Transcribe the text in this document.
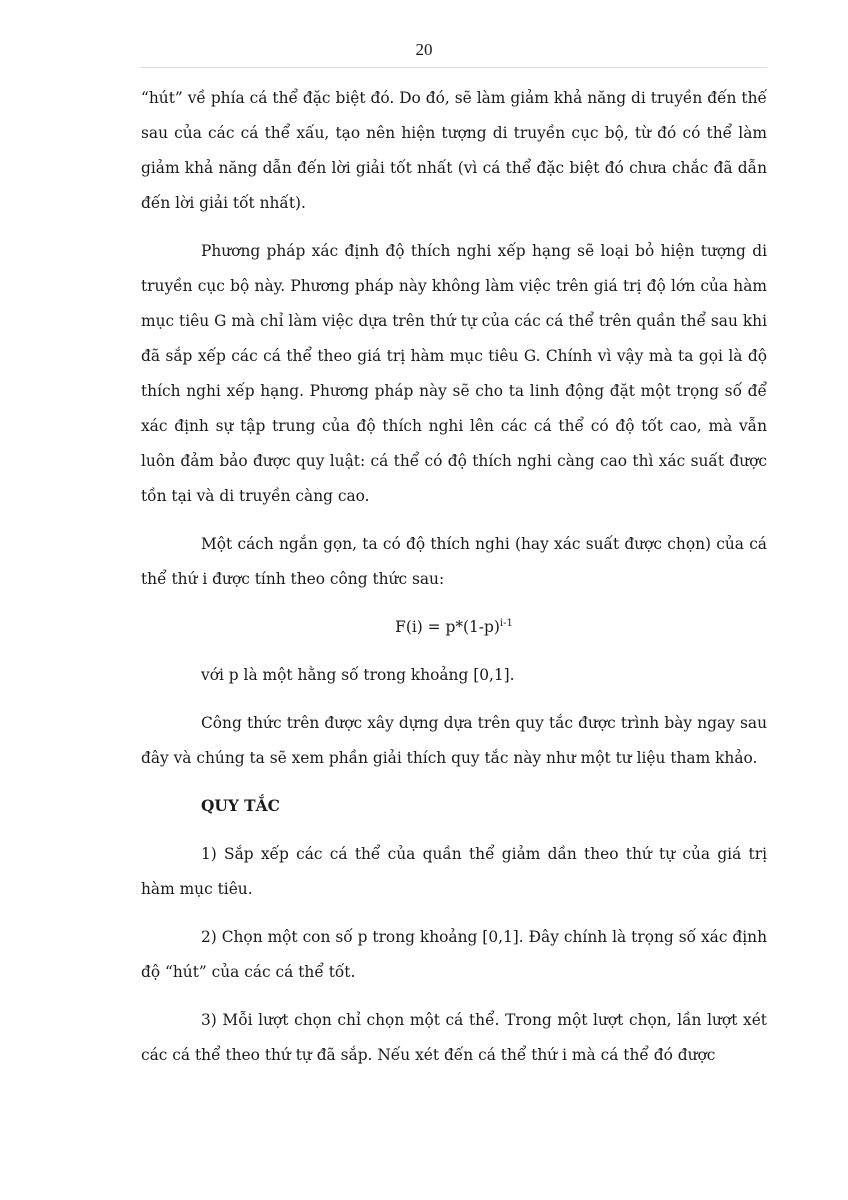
20

“hút” về phía cá thể đặc biệt đó. Do đó, sẽ làm giảm khả năng di truyền đến thế sau của các cá thể xấu, tạo nên hiện tượng di truyền cục bộ, từ đó có thể làm giảm khả năng dẫn đến lời giải tốt nhất (vì cá thể đặc biệt đó chưa chắc đã dẫn đến lời giải tốt nhất).

Phương pháp xác định độ thích nghi xếp hạng sẽ loại bỏ hiện tượng di truyền cục bộ này. Phương pháp này không làm việc trên giá trị độ lớn của hàm mục tiêu G mà chỉ làm việc dựa trên thứ tự của các cá thể trên quần thể sau khi đã sắp xếp các cá thể theo giá trị hàm mục tiêu G. Chính vì vậy mà ta gọi là độ thích nghi xếp hạng. Phương pháp này sẽ cho ta linh động đặt một trọng số để xác định sự tập trung của độ thích nghi lên các cá thể có độ tốt cao, mà vẫn luôn đảm bảo được quy luật: cá thể có độ thích nghi càng cao thì xác suất được tồn tại và di truyền càng cao.

Một cách ngắn gọn, ta có độ thích nghi (hay xác suất được chọn) của cá thể thứ i được tính theo công thức sau:

$F(i) = p*(1-p)^{i-1}$

với p là một hằng số trong khoảng [0,1].

Công thức trên được xây dựng dựa trên quy tắc được trình bày ngay sau đây và chúng ta sẽ xem phần giải thích quy tắc này như một tư liệu tham khảo.

QUY TẮC

1) Sắp xếp các cá thể của quần thể giảm dần theo thứ tự của giá trị hàm mục tiêu.

2) Chọn một con số p trong khoảng [0,1]. Đây chính là trọng số xác định độ “hút” của các cá thể tốt.

3) Mỗi lượt chọn chỉ chọn một cá thể. Trong một lượt chọn, lần lượt xét các cá thể theo thứ tự đã sắp. Nếu xét đến cá thể thứ i mà cá thể đó được
